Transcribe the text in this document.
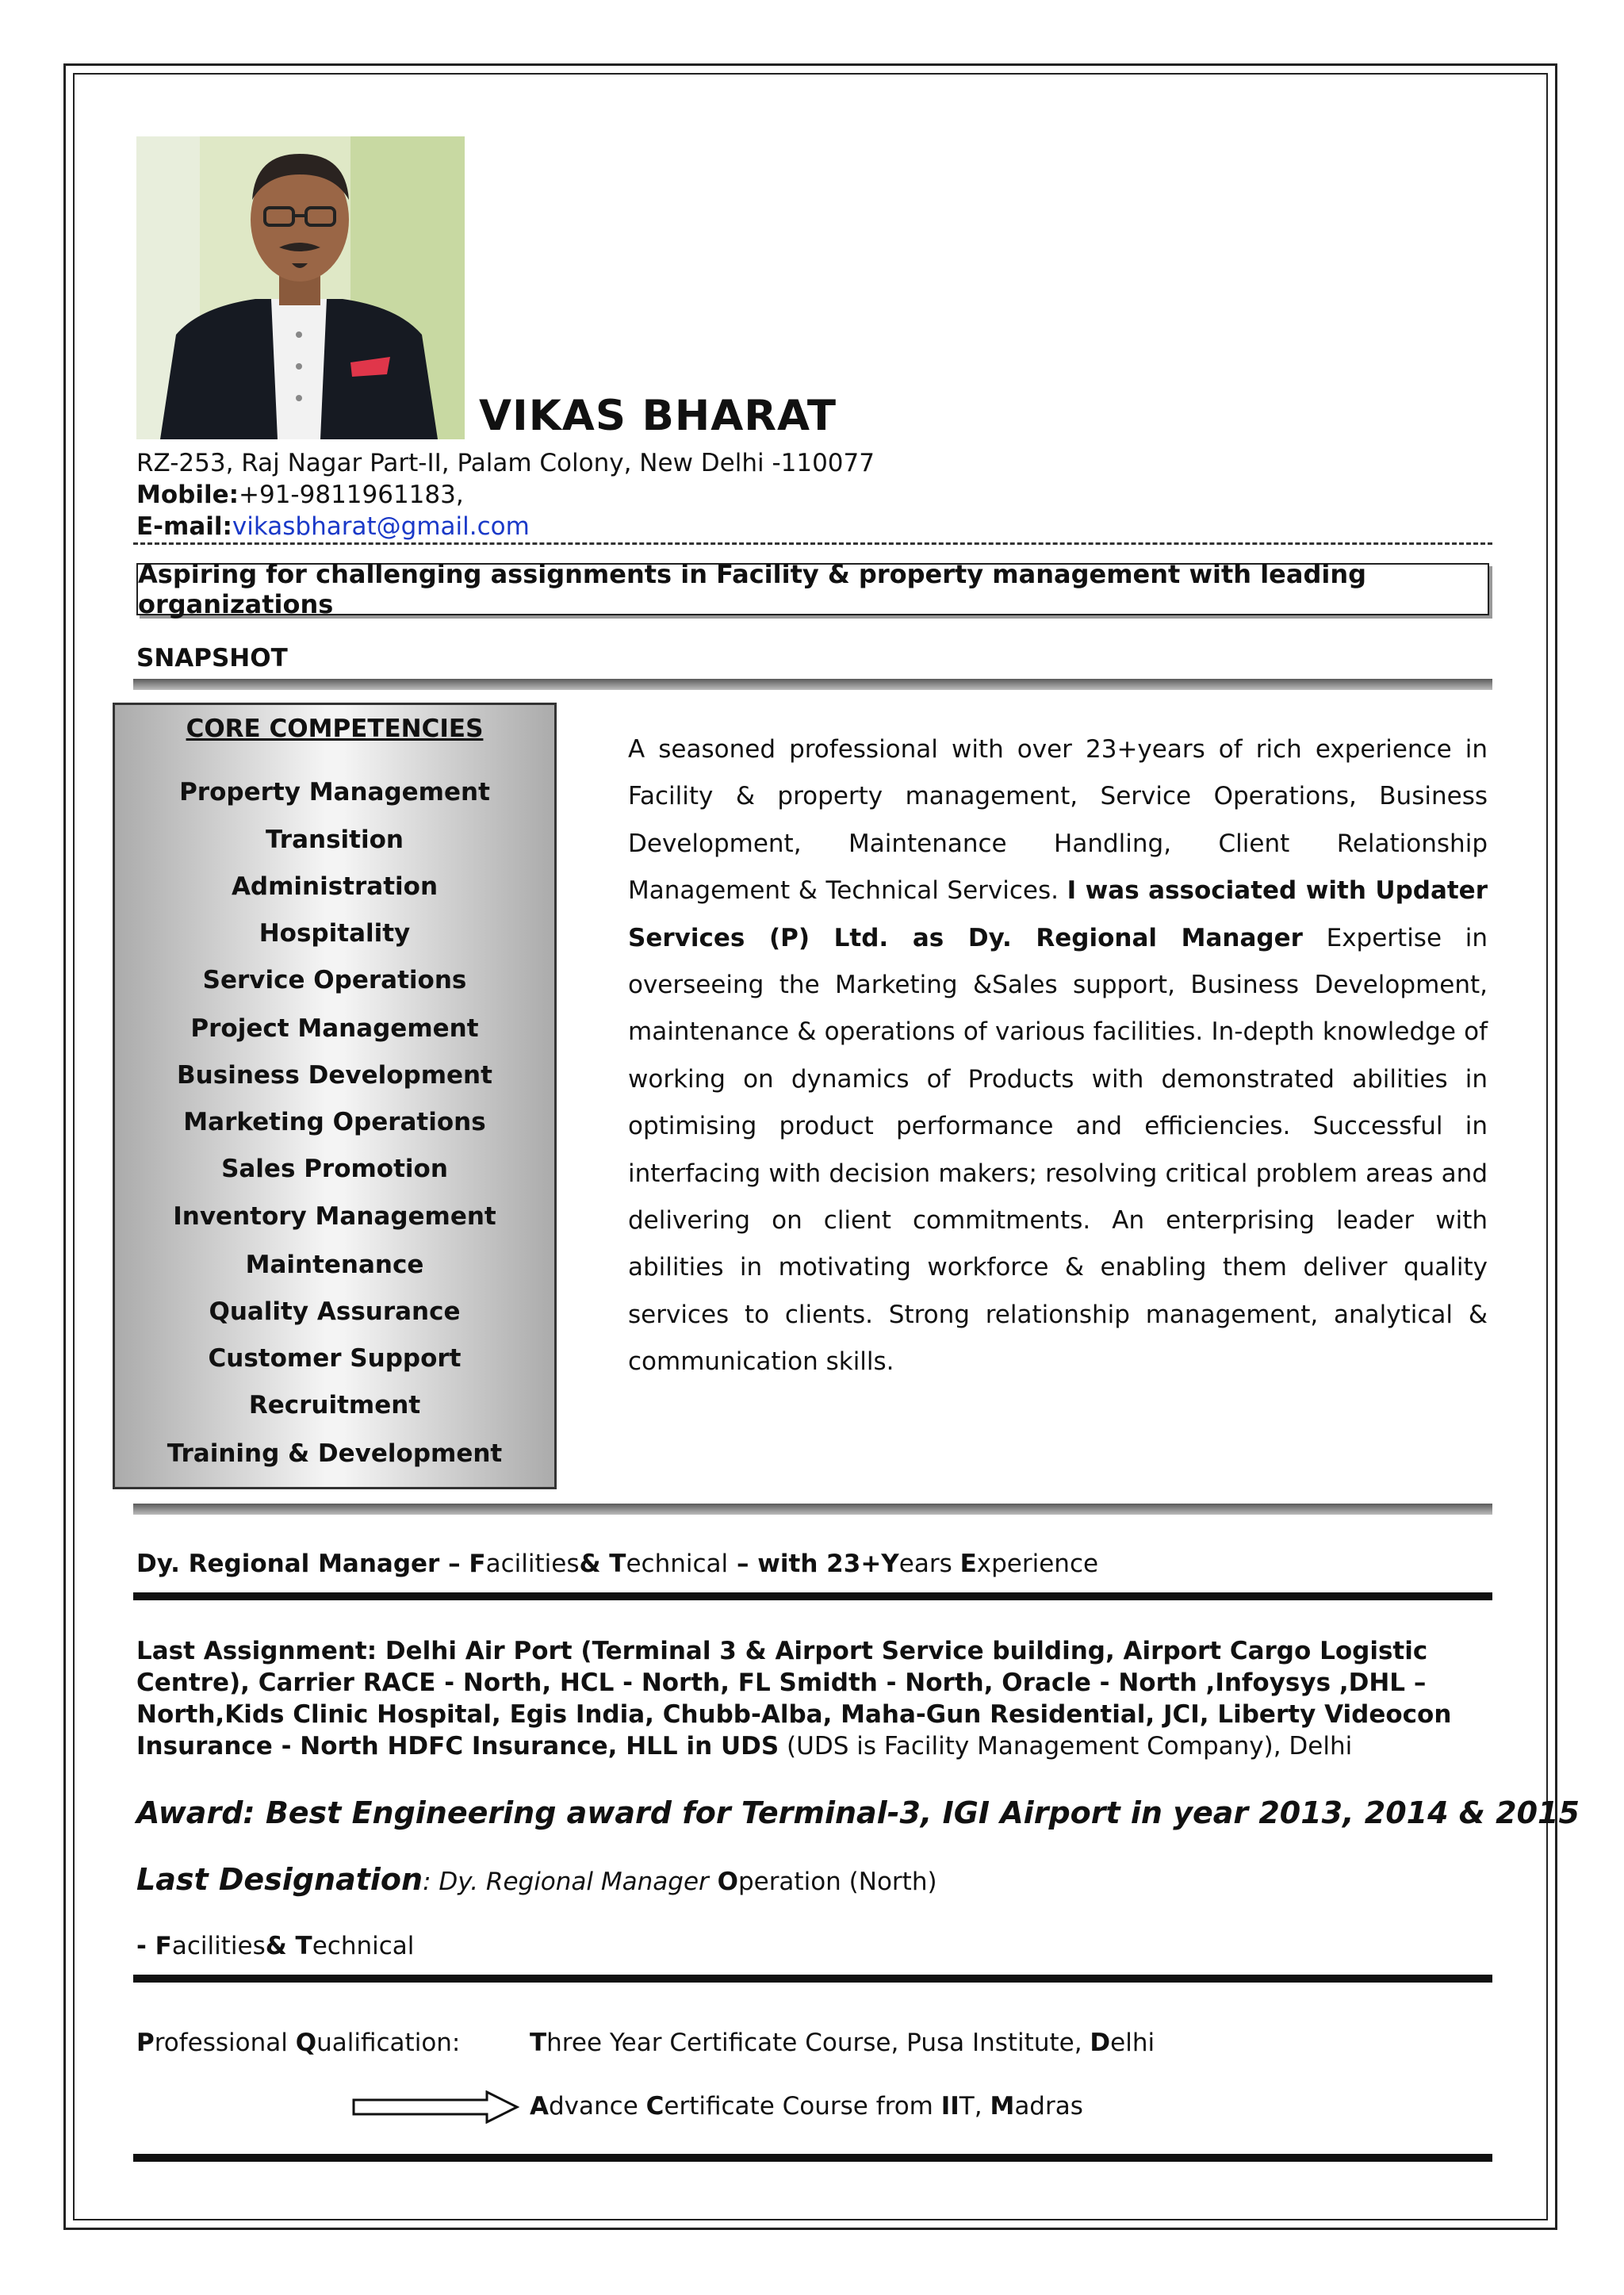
VIKAS BHARAT
RZ-253, Raj Nagar Part-II, Palam Colony, New Delhi -110077
Mobile:+91-9811961183,
E-mail:vikasbharat@gmail.com
Aspiring for challenging assignments in Facility & property management with leading organizations
SNAPSHOT
CORE COMPETENCIES
Property Management
Transition
Administration
Hospitality
Service Operations
Project Management
Business Development
Marketing Operations
Sales Promotion
Inventory Management
Maintenance
Quality Assurance
Customer Support
Recruitment
Training & Development
A seasoned professional with over 23+years of rich experience in Facility & property management, Service Operations, Business Development, Maintenance Handling, Client Relationship Management & Technical Services. I was associated with Updater Services (P) Ltd. as Dy. Regional Manager Expertise in overseeing the Marketing &Sales support, Business Development, maintenance & operations of various facilities. In-depth knowledge of working on dynamics of Products with demonstrated abilities in optimising product performance and efficiencies. Successful in interfacing with decision makers; resolving critical problem areas and delivering on client commitments. An enterprising leader with abilities in motivating workforce & enabling them deliver quality services to clients. Strong relationship management, analytical & communication skills.
Dy. Regional Manager – Facilities& Technical – with 23+Years Experience
Last Assignment: Delhi Air Port (Terminal 3 & Airport Service building, Airport Cargo Logistic Centre), Carrier RACE - North, HCL - North, FL Smidth - North, Oracle - North ,Infoysys ,DHL – North,Kids Clinic Hospital, Egis India, Chubb-Alba, Maha-Gun Residential, JCI, Liberty Videocon Insurance - North HDFC Insurance, HLL in UDS (UDS is Facility Management Company), Delhi
Award: Best Engineering award for Terminal-3, IGI Airport in year 2013, 2014 & 2015
Last Designation: Dy. Regional Manager Operation (North)
- Facilities& Technical
Professional Qualification:	Three Year Certificate Course, Pusa Institute, Delhi
Advance Certificate Course from IIT, Madras
